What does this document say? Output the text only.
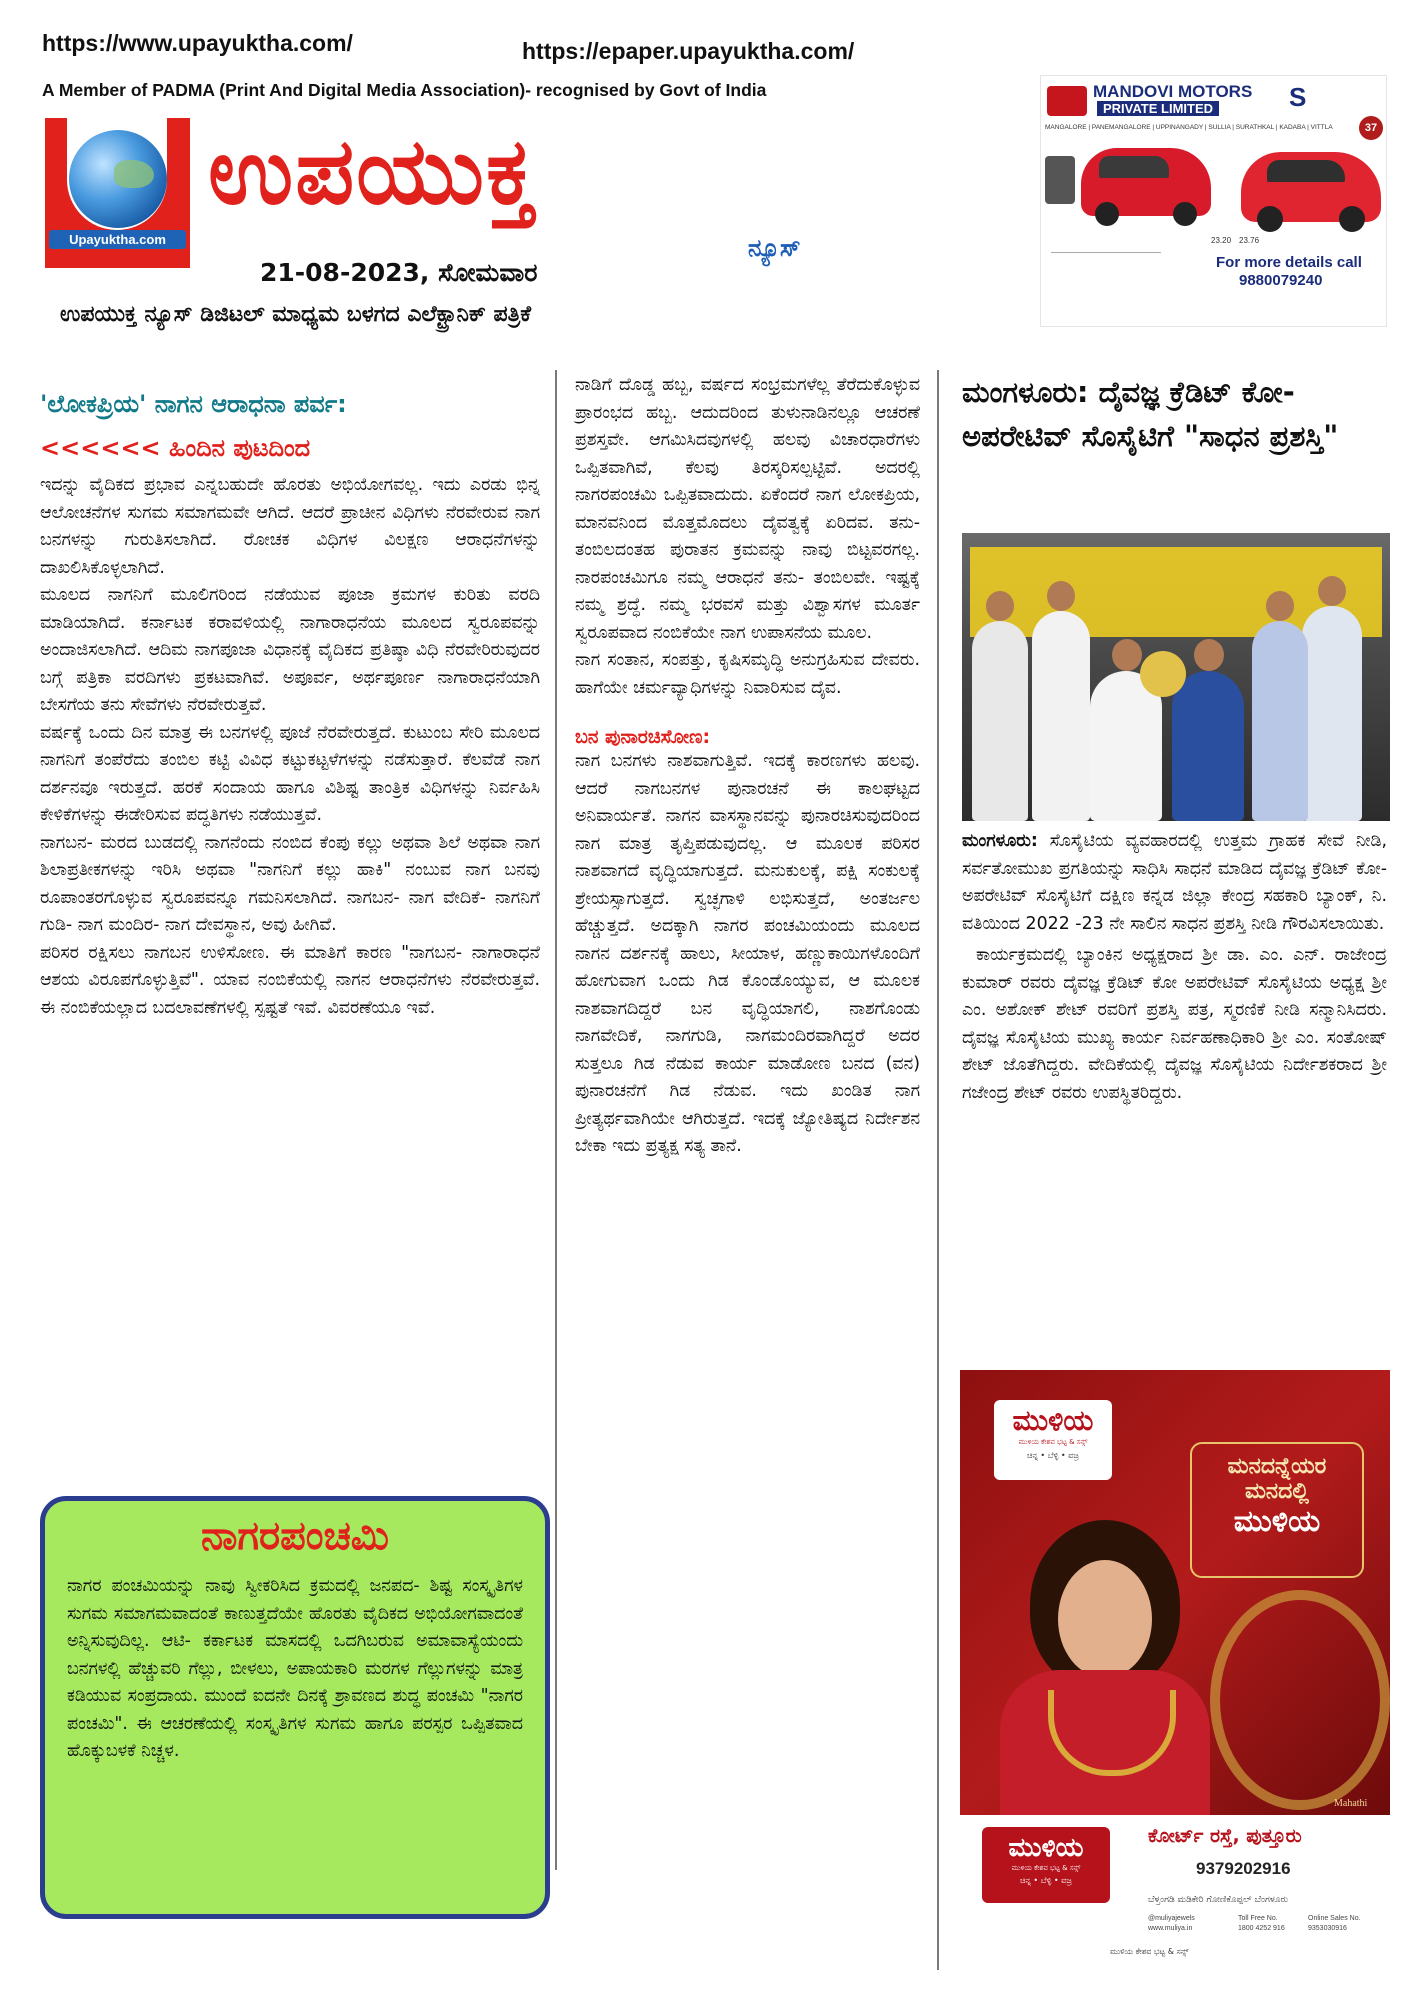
https://www.upayuktha.com/	https://epaper.upayuktha.com/
A Member of PADMA (Print And Digital Media Association)- recognised by Govt of India
Upayuktha.com
ಉಪಯುಕ್ತ
ನ್ಯೂಸ್
21-08-2023, ಸೋಮವಾರ
ಉಪಯುಕ್ತ ನ್ಯೂಸ್ ಡಿಜಿಟಲ್ ಮಾಧ್ಯಮ ಬಳಗದ ಎಲೆಕ್ಟ್ರಾನಿಕ್ ಪತ್ರಿಕೆ
MANDOVI MOTORS
PRIVATE LIMITED	S
37
MANGALORE | PANEMANGALORE | UPPINANGADY | SULLIA | SURATHKAL | KADABA | VITTLA
23.20 23.76
For more details call
9880079240
'ಲೋಕಪ್ರಿಯ' ನಾಗನ ಆರಾಧನಾ ಪರ್ವ:
<<<<<< ಹಿಂದಿನ ಪುಟದಿಂದ

ಇದನ್ನು ವೈದಿಕದ ಪ್ರಭಾವ ಎನ್ನಬಹುದೇ ಹೊರತು ಅಭಿಯೋಗವಲ್ಲ. ಇದು ಎರಡು ಭಿನ್ನ ಆಲೋಚನೆಗಳ ಸುಗಮ ಸಮಾಗಮವೇ ಆಗಿದೆ. ಆದರೆ ಪ್ರಾಚೀನ ವಿಧಿಗಳು ನೆರವೇರುವ ನಾಗ ಬನಗಳನ್ನು ಗುರುತಿಸಲಾಗಿದೆ. ರೋಚಕ ವಿಧಿಗಳ ವಿಲಕ್ಷಣ ಆರಾಧನೆಗಳನ್ನು ದಾಖಲಿಸಿಕೊಳ್ಳಲಾಗಿದೆ.

ಮೂಲದ ನಾಗನಿಗೆ ಮೂಲಿಗರಿಂದ ನಡೆಯುವ ಪೂಜಾ ಕ್ರಮಗಳ ಕುರಿತು ವರದಿ ಮಾಡಿಯಾಗಿದೆ. ಕರ್ನಾಟಕ ಕರಾವಳಿಯಲ್ಲಿ ನಾಗಾರಾಧನೆಯ ಮೂಲದ ಸ್ವರೂಪವನ್ನು ಅಂದಾಜಿಸಲಾಗಿದೆ. ಆದಿಮ ನಾಗಪೂಜಾ ವಿಧಾನಕ್ಕೆ ವೈದಿಕದ ಪ್ರತಿಷ್ಠಾ ವಿಧಿ ನೆರವೇರಿರುವುದರ ಬಗ್ಗೆ ಪತ್ರಿಕಾ ವರದಿಗಳು ಪ್ರಕಟವಾಗಿವೆ. ಅಪೂರ್ವ, ಅರ್ಥಪೂರ್ಣ ನಾಗಾರಾಧನೆಯಾಗಿ ಬೇಸಗೆಯ ತನು ಸೇವೆಗಳು ನೆರವೇರುತ್ತವೆ.

ವರ್ಷಕ್ಕೆ ಒಂದು ದಿನ ಮಾತ್ರ ಈ ಬನಗಳಲ್ಲಿ ಪೂಜೆ ನೆರವೇರುತ್ತದೆ. ಕುಟುಂಬ ಸೇರಿ ಮೂಲದ ನಾಗನಿಗೆ ತಂಪೆರೆದು ತಂಬಿಲ ಕಟ್ಟಿ ವಿವಿಧ ಕಟ್ಟುಕಟ್ಟಳೆಗಳನ್ನು ನಡೆಸುತ್ತಾರೆ. ಕೆಲವೆಡೆ ನಾಗ ದರ್ಶನವೂ ಇರುತ್ತದೆ. ಹರಕೆ ಸಂದಾಯ ಹಾಗೂ ವಿಶಿಷ್ಟ ತಾಂತ್ರಿಕ ವಿಧಿಗಳನ್ನು ನಿರ್ವಹಿಸಿ ಕೇಳಿಕೆಗಳನ್ನು ಈಡೇರಿಸುವ ಪದ್ಧತಿಗಳು ನಡೆಯುತ್ತವೆ.

ನಾಗಬನ- ಮರದ ಬುಡದಲ್ಲಿ ನಾಗನೆಂದು ನಂಬಿದ ಕೆಂಪು ಕಲ್ಲು ಅಥವಾ ಶಿಲೆ ಅಥವಾ ನಾಗ ಶಿಲಾಪ್ರತೀಕಗಳನ್ನು ಇರಿಸಿ ಅಥವಾ "ನಾಗನಿಗೆ ಕಲ್ಲು ಹಾಕಿ" ನಂಬುವ ನಾಗ ಬನವು ರೂಪಾಂತರಗೊಳ್ಳುವ ಸ್ವರೂಪವನ್ನೂ ಗಮನಿಸಲಾಗಿದೆ. ನಾಗಬನ- ನಾಗ ವೇದಿಕೆ- ನಾಗನಿಗೆ ಗುಡಿ- ನಾಗ ಮಂದಿರ- ನಾಗ ದೇವಸ್ಥಾನ, ಅವು ಹೀಗಿವೆ.

ಪರಿಸರ ರಕ್ಷಿಸಲು ನಾಗಬನ ಉಳಿಸೋಣ. ಈ ಮಾತಿಗೆ ಕಾರಣ "ನಾಗಬನ- ನಾಗಾರಾಧನೆ ಆಶಯ ವಿರೂಪಗೊಳ್ಳುತ್ತಿವೆ". ಯಾವ ನಂಬಿಕೆಯಲ್ಲಿ ನಾಗನ ಆರಾಧನೆಗಳು ನೆರವೇರುತ್ತವೆ. ಈ ನಂಬಿಕೆಯಲ್ಲಾದ ಬದಲಾವಣೆಗಳಲ್ಲಿ ಸ್ಪಷ್ಟತೆ ಇವೆ. ವಿವರಣೆಯೂ ಇವೆ.

ನಾಗರಪಂಚಮಿ
ನಾಗರ ಪಂಚಮಿಯನ್ನು ನಾವು ಸ್ವೀಕರಿಸಿದ ಕ್ರಮದಲ್ಲಿ ಜನಪದ- ಶಿಷ್ಟ ಸಂಸ್ಕೃತಿಗಳ ಸುಗಮ ಸಮಾಗಮವಾದಂತೆ ಕಾಣುತ್ತದೆಯೇ ಹೊರತು ವೈದಿಕದ ಅಭಿಯೋಗವಾದಂತೆ ಅನ್ನಿಸುವುದಿಲ್ಲ. ಆಟಿ- ಕರ್ಕಾಟಕ ಮಾಸದಲ್ಲಿ ಒದಗಿಬರುವ ಅಮಾವಾಸ್ಯೆಯಂದು ಬನಗಳಲ್ಲಿ ಹೆಚ್ಚುವರಿ ಗೆಲ್ಲು, ಬೀಳಲು, ಅಪಾಯಕಾರಿ ಮರಗಳ ಗೆಲ್ಲುಗಳನ್ನು ಮಾತ್ರ ಕಡಿಯುವ ಸಂಪ್ರದಾಯ. ಮುಂದೆ ಐದನೇ ದಿನಕ್ಕೆ ಶ್ರಾವಣದ ಶುದ್ಧ ಪಂಚಮಿ "ನಾಗರ ಪಂಚಮಿ". ಈ ಆಚರಣೆಯಲ್ಲಿ ಸಂಸ್ಕೃತಿಗಳ ಸುಗಮ ಹಾಗೂ ಪರಸ್ಪರ ಒಪ್ಪಿತವಾದ ಹೊಕ್ಕುಬಳಕೆ ನಿಚ್ಚಳ.

ನಾಡಿಗೆ ದೊಡ್ಡ ಹಬ್ಬ, ವರ್ಷದ ಸಂಭ್ರಮಗಳೆಲ್ಲ ತೆರೆದುಕೊಳ್ಳುವ ಪ್ರಾರಂಭದ ಹಬ್ಬ. ಆದುದರಿಂದ ತುಳುನಾಡಿನಲ್ಲೂ ಆಚರಣೆ ಪ್ರಶಸ್ತವೇ. ಆಗಮಿಸಿದವುಗಳಲ್ಲಿ ಹಲವು ವಿಚಾರಧಾರೆಗಳು ಒಪ್ಪಿತವಾಗಿವೆ, ಕೆಲವು ತಿರಸ್ಕರಿಸಲ್ಪಟ್ಟಿವೆ. ಅದರಲ್ಲಿ ನಾಗರಪಂಚಮಿ ಒಪ್ಪಿತವಾದುದು. ಏಕೆಂದರೆ ನಾಗ ಲೋಕಪ್ರಿಯ, ಮಾನವನಿಂದ ಮೊತ್ತಮೊದಲು ದೈವತ್ವಕ್ಕೆ ಏರಿದವ. ತನು- ತಂಬಿಲದಂತಹ ಪುರಾತನ ಕ್ರಮವನ್ನು ನಾವು ಬಿಟ್ಟವರಗಲ್ಲ. ನಾರಪಂಚಮಿಗೂ ನಮ್ಮ ಆರಾಧನೆ ತನು- ತಂಬಿಲವೇ. ಇಷ್ಟಕ್ಕೆ ನಮ್ಮ ಶ್ರದ್ಧೆ. ನಮ್ಮ ಭರವಸೆ ಮತ್ತು ವಿಶ್ವಾಸಗಳ ಮೂರ್ತ ಸ್ವರೂಪವಾದ ನಂಬಿಕೆಯೇ ನಾಗ ಉಪಾಸನೆಯ ಮೂಲ.

ನಾಗ ಸಂತಾನ, ಸಂಪತ್ತು, ಕೃಷಿಸಮೃದ್ಧಿ ಅನುಗ್ರಹಿಸುವ ದೇವರು. ಹಾಗೆಯೇ ಚರ್ಮವ್ಯಾಧಿಗಳನ್ನು ನಿವಾರಿಸುವ ದೈವ.

ಬನ ಪುನಾರಚಿಸೋಣ:

ನಾಗ ಬನಗಳು ನಾಶವಾಗುತ್ತಿವೆ. ಇದಕ್ಕೆ ಕಾರಣಗಳು ಹಲವು. ಆದರೆ ನಾಗಬನಗಳ ಪುನಾರಚನೆ ಈ ಕಾಲಘಟ್ಟದ ಅನಿವಾರ್ಯತೆ. ನಾಗನ ವಾಸಸ್ಥಾನವನ್ನು ಪುನಾರಚಿಸುವುದರಿಂದ ನಾಗ ಮಾತ್ರ ತೃಪ್ತಿಪಡುವುದಲ್ಲ. ಆ ಮೂಲಕ ಪರಿಸರ ನಾಶವಾಗದೆ ವೃದ್ಧಿಯಾಗುತ್ತದೆ. ಮನುಕುಲಕ್ಕೆ, ಪಕ್ಷಿ ಸಂಕುಲಕ್ಕೆ ಶ್ರೇಯಸ್ಸಾಗುತ್ತದೆ. ಸ್ವಚ್ಛಗಾಳಿ ಲಭಿಸುತ್ತದೆ, ಅಂತರ್ಜಲ ಹೆಚ್ಚುತ್ತದೆ. ಅದಕ್ಕಾಗಿ ನಾಗರ ಪಂಚಮಿಯಂದು ಮೂಲದ ನಾಗನ ದರ್ಶನಕ್ಕೆ ಹಾಲು, ಸೀಯಾಳ, ಹಣ್ಣುಕಾಯಿಗಳೊಂದಿಗೆ ಹೋಗುವಾಗ ಒಂದು ಗಿಡ ಕೊಂಡೊಯ್ಯುವ, ಆ ಮೂಲಕ ನಾಶವಾಗದಿದ್ದರೆ ಬನ ವೃದ್ಧಿಯಾಗಲಿ, ನಾಶಗೊಂಡು ನಾಗವೇದಿಕೆ, ನಾಗಗುಡಿ, ನಾಗಮಂದಿರವಾಗಿದ್ದರೆ ಅದರ ಸುತ್ತಲೂ ಗಿಡ ನೆಡುವ ಕಾರ್ಯ ಮಾಡೋಣ ಬನದ (ವನ) ಪುನಾರಚನೆಗೆ ಗಿಡ ನೆಡುವ. ಇದು ಖಂಡಿತ ನಾಗ ಪ್ರೀತ್ಯರ್ಥವಾಗಿಯೇ ಆಗಿರುತ್ತದೆ. ಇದಕ್ಕೆ ಜ್ಯೋತಿಷ್ಯದ ನಿರ್ದೇಶನ ಬೇಕಾ ಇದು ಪ್ರತ್ಯಕ್ಷ ಸತ್ಯ ತಾನೆ.

ಮಂಗಳೂರು: ದೈವಜ್ಞ ಕ್ರೆಡಿಟ್ ಕೋ- ಅಪರೇಟಿವ್ ಸೊಸೈಟಿಗೆ "ಸಾಧನ ಪ್ರಶಸ್ತಿ"

ಮಂಗಳೂರು: ಸೊಸೈಟಿಯ ವ್ಯವಹಾರದಲ್ಲಿ ಉತ್ತಮ ಗ್ರಾಹಕ ಸೇವೆ ನೀಡಿ, ಸರ್ವತೋಮುಖ ಪ್ರಗತಿಯನ್ನು ಸಾಧಿಸಿ ಸಾಧನೆ ಮಾಡಿದ ದೈವಜ್ಞ ಕ್ರೆಡಿಟ್ ಕೋ- ಅಪರೇಟಿವ್ ಸೊಸೈಟಿಗೆ ದಕ್ಷಿಣ ಕನ್ನಡ ಜಿಲ್ಲಾ ಕೇಂದ್ರ ಸಹಕಾರಿ ಬ್ಯಾಂಕ್, ನಿ. ವತಿಯಿಂದ 2022 -23 ನೇ ಸಾಲಿನ ಸಾಧನ ಪ್ರಶಸ್ತಿ ನೀಡಿ ಗೌರವಿಸಲಾಯಿತು.

ಕಾರ್ಯಕ್ರಮದಲ್ಲಿ ಬ್ಯಾಂಕಿನ ಅಧ್ಯಕ್ಷರಾದ ಶ್ರೀ ಡಾ. ಎಂ. ಎನ್. ರಾಜೇಂದ್ರ ಕುಮಾರ್ ರವರು ದೈವಜ್ಞ ಕ್ರೆಡಿಟ್ ಕೋ ಅಪರೇಟಿವ್ ಸೊಸೈಟಿಯ ಅಧ್ಯಕ್ಷ ಶ್ರೀ ಎಂ. ಅಶೋಕ್ ಶೇಟ್ ರವರಿಗೆ ಪ್ರಶಸ್ತಿ ಪತ್ರ, ಸ್ಮರಣಿಕೆ ನೀಡಿ ಸನ್ಮಾನಿಸಿದರು. ದೈವಜ್ಞ ಸೊಸೈಟಿಯ ಮುಖ್ಯ ಕಾರ್ಯ ನಿರ್ವಹಣಾಧಿಕಾರಿ ಶ್ರೀ ಎಂ. ಸಂತೋಷ್ ಶೇಟ್ ಜೊತೆಗಿದ್ದರು. ವೇದಿಕೆಯಲ್ಲಿ ದೈವಜ್ಞ ಸೊಸೈಟಿಯ ನಿರ್ದೇಶಕರಾದ ಶ್ರೀ ಗಜೇಂದ್ರ ಶೇಟ್ ರವರು ಉಪಸ್ಥಿತರಿದ್ದರು.

ಮುಳಿಯ
ಮುಳಿಯ ಕೇಶವ ಭಟ್ಟ & ಸನ್ಸ್
ಚಿನ್ನ • ಬೆಳ್ಳಿ • ವಜ್ರ	ಮನದನ್ನೆಯರ
ಮನದಲ್ಲಿ
ಮುಳಿಯ
Mahathi
ಮುಳಿಯ
ಮುಳಿಯ ಕೇಶವ ಭಟ್ಟ & ಸನ್ಸ್
ಚಿನ್ನ • ಬೆಳ್ಳಿ • ವಜ್ರ
ಕೋರ್ಟ್ ರಸ್ತೆ, ಪುತ್ತೂರು
9379202916
ಬೆಳ್ತಂಗಡಿ ಮಡಿಕೇರಿ ಗೋಣಿಕೊಪ್ಪಲ್ ಬೆಂಗಳೂರು
@muliyajewels
www.muliya.in
Toll Free No.
1800 4252 916
Online Sales No.
9353030916
ಮುಳಿಯ ಕೇಶವ ಭಟ್ಟ & ಸನ್ಸ್
